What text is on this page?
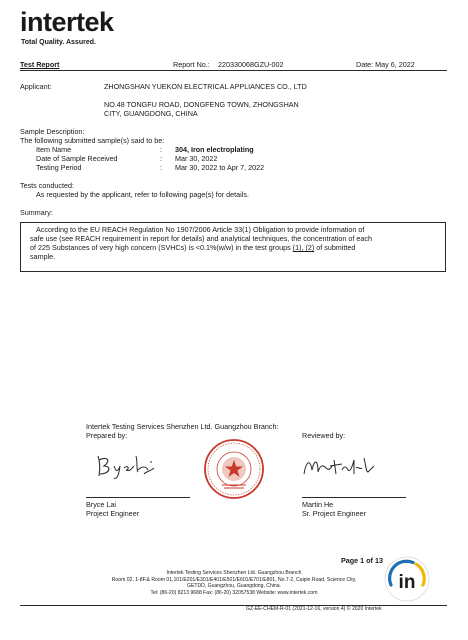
intertek
Total Quality. Assured.
Test Report	Report No.: 220330068GZU-002	Date: May 6, 2022
Applicant:	ZHONGSHAN YUEKON ELECTRICAL APPLIANCES CO., LTD
NO.48 TONGFU ROAD, DONGFENG TOWN, ZHONGSHAN
CITY, GUANGDONG, CHINA
Sample Description:
The following submitted sample(s) said to be:
Item Name	: 304, Iron electroplating
Date of Sample Received	: Mar 30, 2022
Testing Period	: Mar 30, 2022 to Apr 7, 2022
Tests conducted:
As requested by the applicant, refer to following page(s) for details.
Summary:
According to the EU REACH Regulation No 1907/2006 Article 33(1) Obligation to provide information of
safe use (see REACH requirement in report for details) and analytical techniques, the concentration of each
of 225 Substances of very high concern (SVHCs) is <0.1%(w/w) in the test groups (1), (2) of submitted
sample.
Intertek Testing Services Shenzhen Ltd. Guangzhou Branch:
Prepared by:	Reviewed by:
Bryce Lai
Project Engineer
Martin He
Sr. Project Engineer
Page 1 of 13
Intertek Testing Services Shenzhen Ltd. Guangzhou Branch
Room 02, 1-8F.& Room 01,101/E201/E301/E401/E501/E601/E701/E801, No.7-2, Caipin Road, Science City,
GETDD, Guangzhou, Guangdong, China.
Tel: (86-20) 8213 9688 Fax: (86-20) 32057538 Website: www.intertek.com	in
GZ-EE-CHEM-R-01 (2021-12-16, version 4) © 2020 Intertek
